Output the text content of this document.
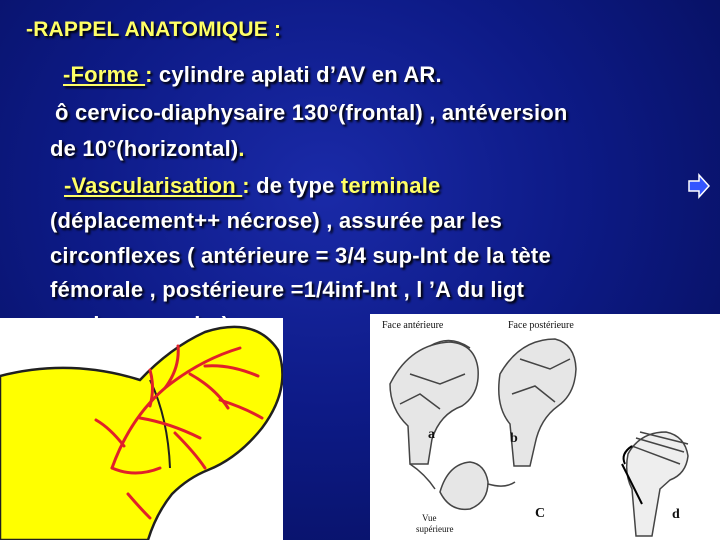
-RAPPEL ANATOMIQUE :
-Forme : cylindre aplati d’AV en AR.
ô cervico-diaphysaire 130°(frontal) , antéversion
de 10°(horizontal).
-Vascularisation : de type terminale
(déplacement++ nécrose) , assurée par les
circonflexes ( antérieure = 3/4 sup-Int de la tète
fémorale , postérieure =1/4inf-Int , l ’A du ligt
Face antérieure	Face postérieure
a	b
C	d
Vue
supérieure
